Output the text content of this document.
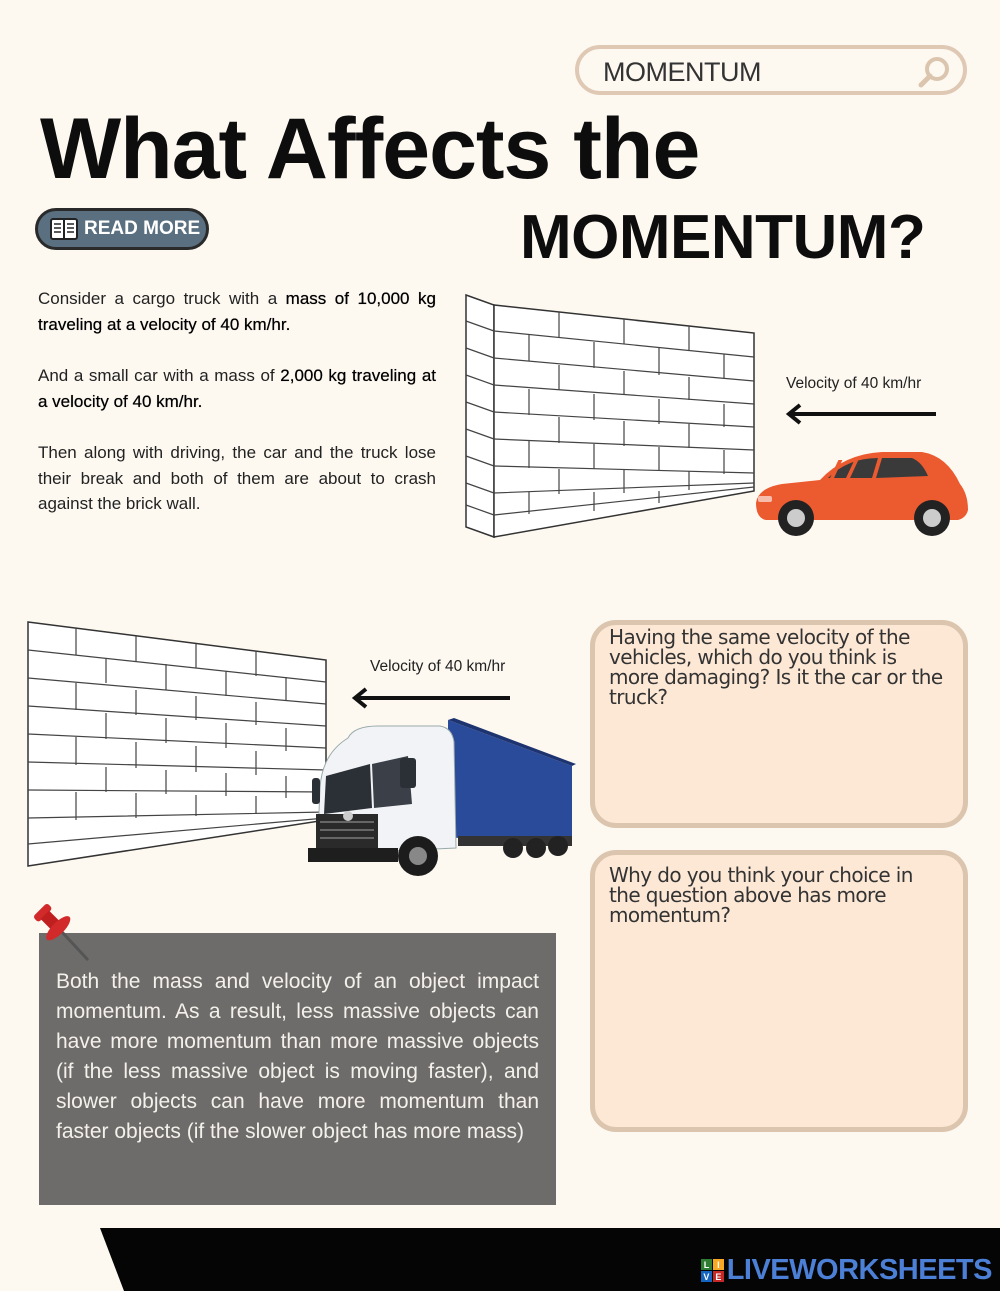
MOMENTUM
What Affects the
MOMENTUM?
READ MORE

Consider a cargo truck with a mass of 10,000 kg traveling at a velocity of 40 km/hr.

And a small car with a mass of 2,000 kg traveling at a velocity of 40 km/hr.

Then along with driving, the car and the truck lose their break and both of them are about to crash against the brick wall.

Velocity of 40 km/hr
Velocity of 40 km/hr
Having the same velocity of the vehicles, which do you think is more damaging? Is it the car or the truck?
Why do you think your choice in the question above has more momentum?
Both the mass and velocity of an object impact momentum. As a result, less massive objects can have more momentum than more massive objects (if the less massive object is moving faster), and slower objects can have more momentum than faster objects (if the slower object has more mass)
L I
V E LIVEWORKSHEETS
